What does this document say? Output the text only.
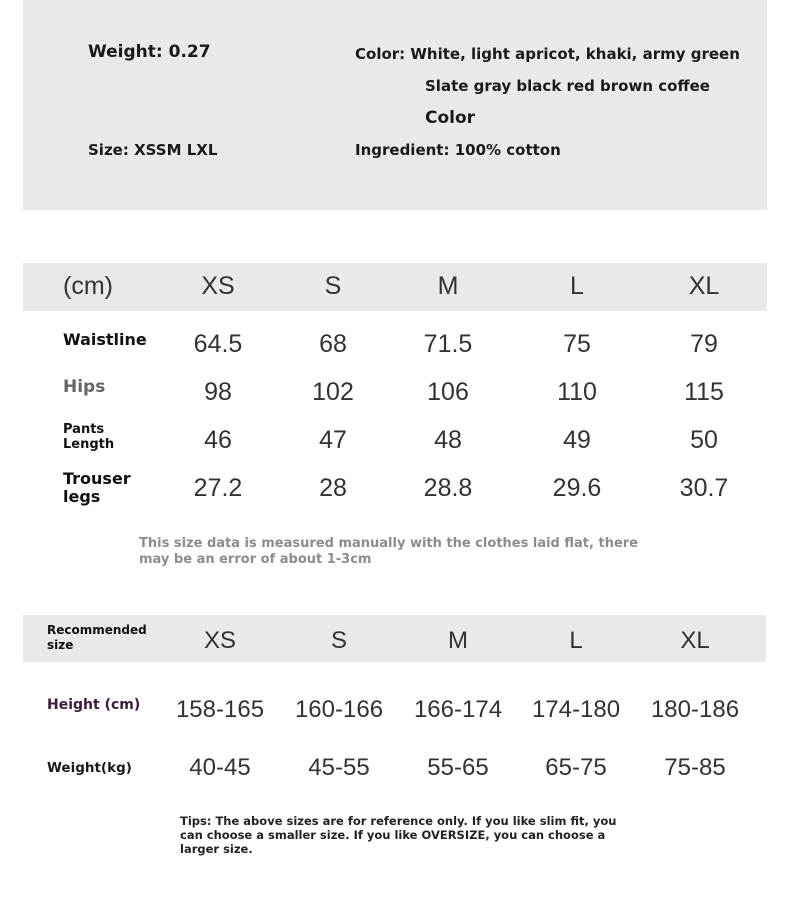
Weight: 0.27	Color: White, light apricot, khaki, army green
Slate gray black red brown coffee
Color
Size: XSSM LXL	Ingredient: 100% cotton
(cm)	XS	S	M	L	XL
Waistline 64.5	68	71.5	75	79
Hips	98	102	106	110	115
Pants Length	46	47	48	49	50
Trouser legs	27.2	28	28.8	29.6	30.7
This size data is measured manually with the clothes laid flat, there may be an error of about 1-3cm
Recommended size	XS	S	M	L	XL
Height (cm) 158-165 160-166 166-174 174-180 180-186
Weight(kg) 40-45 45-55 55-65 65-75 75-85
Tips: The above sizes are for reference only. If you like slim fit, you can choose a smaller size. If you like OVERSIZE, you can choose a larger size.
